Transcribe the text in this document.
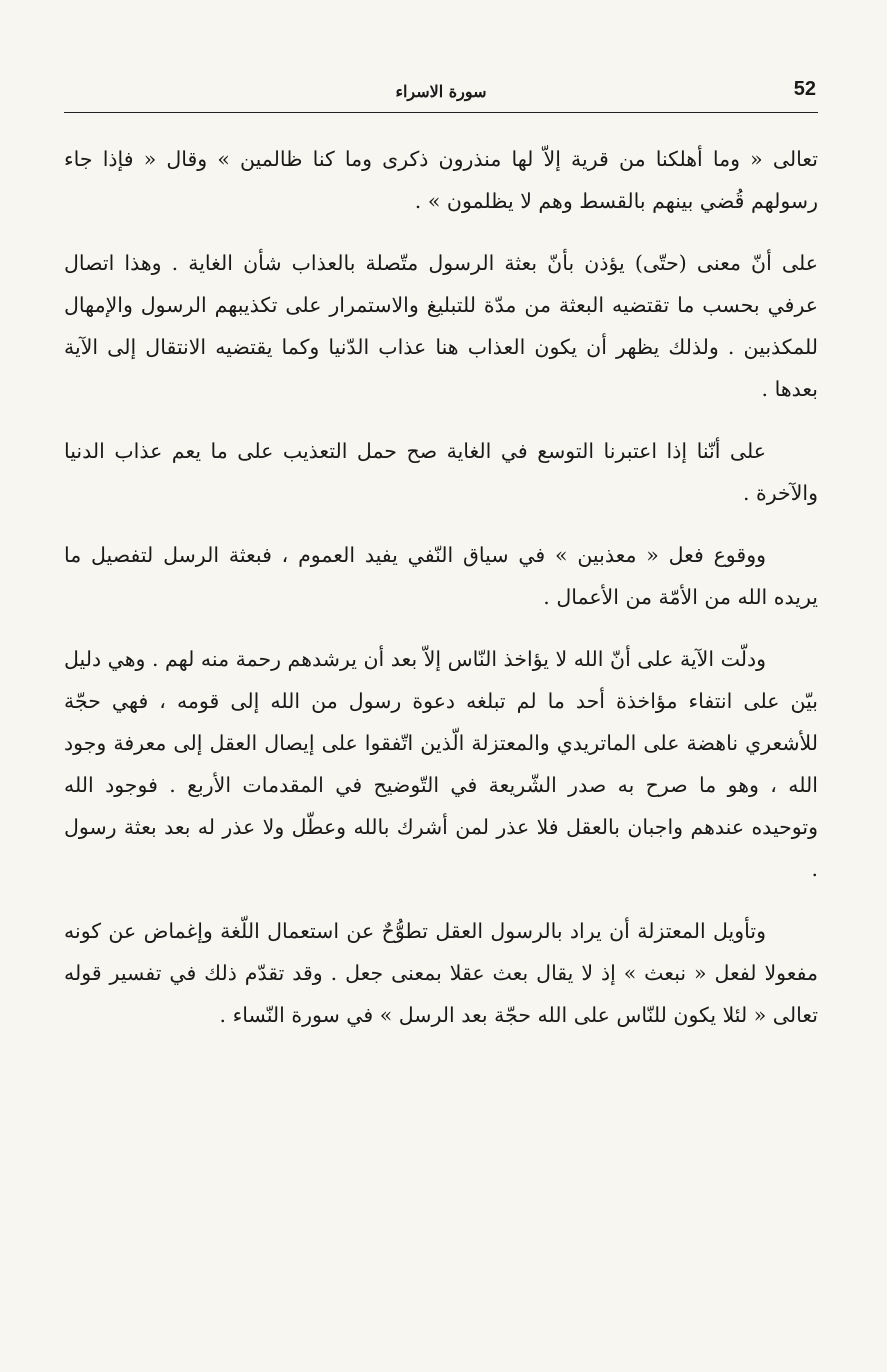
52
سورة الاسراء

تعالى « وما أهلكنا من قرية إلاّ لها منذرون ذكرى وما كنا ظالمين » وقال « فإذا جاء رسولهم قُضي بينهم بالقسط وهم لا يظلمون » .

على أنّ معنى (حتّى) يؤذن بأنّ بعثة الرسول متّصلة بالعذاب شأن الغاية . وهذا اتصال عرفي بحسب ما تقتضيه البعثة من مدّة للتبليغ والاستمرار على تكذيبهم الرسول والإمهال للمكذبين . ولذلك يظهر أن يكون العذاب هنا عذاب الدّنيا وكما يقتضيه الانتقال إلى الآية بعدها .

على أنّنا إذا اعتبرنا التوسع في الغاية صح حمل التعذيب على ما يعم عذاب الدنيا والآخرة .

ووقوع فعل « معذبين » في سياق النّفي يفيد العموم ، فبعثة الرسل لتفصيل ما يريده الله من الأمّة من الأعمال .

ودلّت الآية على أنّ الله لا يؤاخذ النّاس إلاّ بعد أن يرشدهم رحمة منه لهم . وهي دليل بيّن على انتفاء مؤاخذة أحد ما لم تبلغه دعوة رسول من الله إلى قومه ، فهي حجّة للأشعري ناهضة على الماتريدي والمعتزلة الّذين اتّفقوا على إيصال العقل إلى معرفة وجود الله ، وهو ما صرح به صدر الشّريعة في التّوضيح في المقدمات الأربع . فوجود الله وتوحيده عندهم واجبان بالعقل فلا عذر لمن أشرك بالله وعطّل ولا عذر له بعد بعثة رسول .

وتأويل المعتزلة أن يراد بالرسول العقل تطوُّحٌ عن استعمال اللّغة وإغماض عن كونه مفعولا لفعل « نبعث » إذ لا يقال بعث عقلا بمعنى جعل . وقد تقدّم ذلك في تفسير قوله تعالى « لئلا يكون للنّاس على الله حجّة بعد الرسل » في سورة النّساء .
